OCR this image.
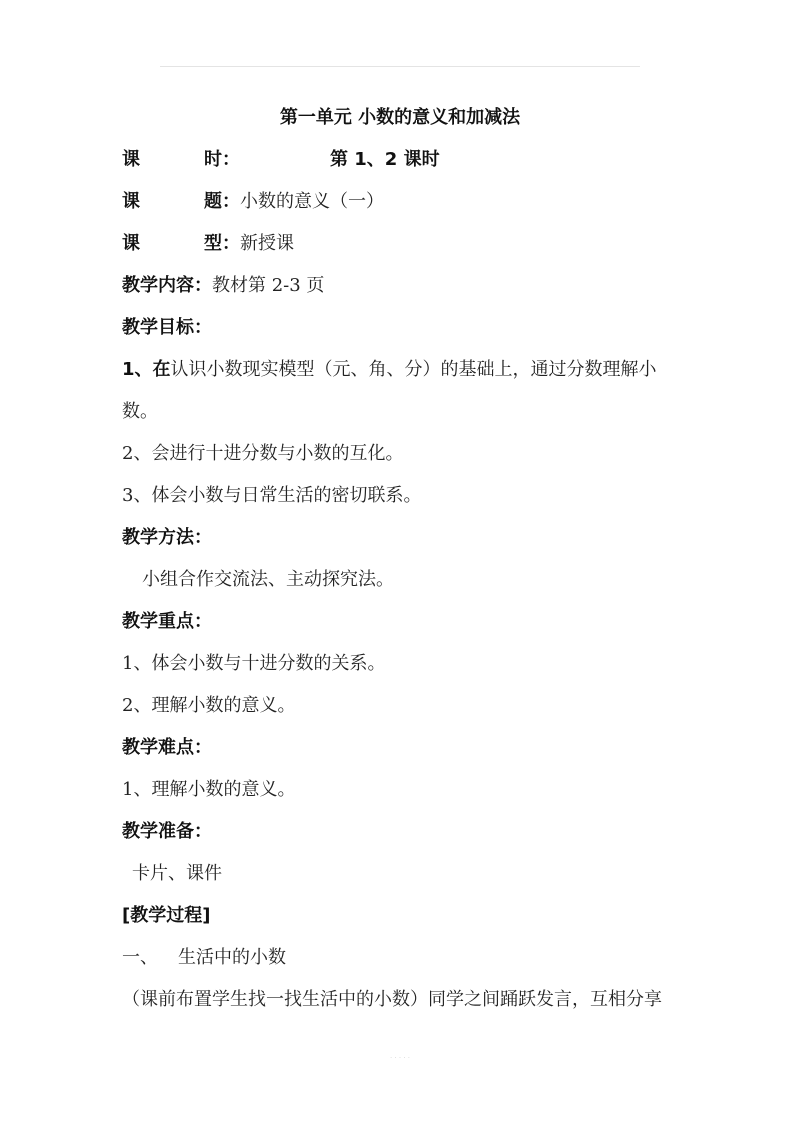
第一单元 小数的意义和加减法
课	时：	第 1、2 课时
课	题：小数的意义（一）
课	型：新授课
教学内容：教材第 2-3 页
教学目标：
1、在认识小数现实模型（元、角、分）的基础上，通过分数理解小
数。
2、会进行十进分数与小数的互化。
3、体会小数与日常生活的密切联系。
教学方法：
小组合作交流法、主动探究法。
教学重点：
1、体会小数与十进分数的关系。
2、理解小数的意义。
教学难点：
1、理解小数的意义。
教学准备：
卡片、课件
[教学过程]
一、 生活中的小数
（课前布置学生找一找生活中的小数）同学之间踊跃发言，互相分享
· · · · ·
